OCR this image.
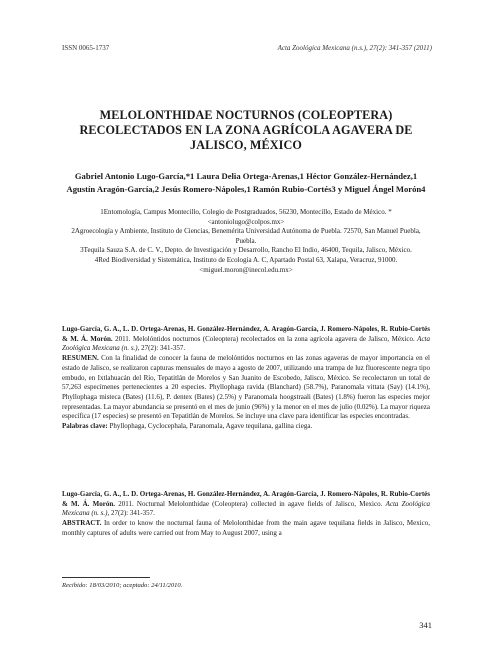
ISSN 0065-1737	Acta Zoológica Mexicana (n.s.), 27(2): 341-357 (2011)
MELOLONTHIDAE NOCTURNOS (COLEOPTERA) RECOLECTADOS EN LA ZONA AGRÍCOLA AGAVERA DE JALISCO, MÉXICO
Gabriel Antonio Lugo-García,*1 Laura Delia Ortega-Arenas,1 Héctor González-Hernández,1 Agustín Aragón-García,2 Jesús Romero-Nápoles,1 Ramón Rubio-Cortés3 y Miguel Ángel Morón4

1Entomología, Campus Montecillo, Colegio de Postgraduados, 56230, Montecillo, Estado de México. * <antoniolugo@colpos.mx>

2Agroecología y Ambiente, Instituto de Ciencias, Benemérita Universidad Autónoma de Puebla. 72570, San Manuel Puebla, Puebla.

3Tequila Sauza S.A. de C. V., Depto. de Investigación y Desarrollo, Rancho El Indio, 46400, Tequila, Jalisco, México.

4Red Biodiversidad y Sistemática, Instituto de Ecología A. C, Apartado Postal 63, Xalapa, Veracruz, 91000. <miguel.moron@inecol.edu.mx>

Lugo-García, G. A., L. D. Ortega-Arenas, H. González-Hernández, A. Aragón-García, J. Romero-Nápoles, R. Rubio-Cortés & M. Á. Morón. 2011. Melolóntidos nocturnos (Coleoptera) recolectados en la zona agrícola agavera de Jalisco, México. Acta Zoológica Mexicana (n. s.), 27(2): 341-357.

RESUMEN. Con la finalidad de conocer la fauna de melolóntidos nocturnos en las zonas agaveras de mayor importancia en el estado de Jalisco, se realizaron capturas mensuales de mayo a agosto de 2007, utilizando una trampa de luz fluorescente negra tipo embudo, en Ixtlahuacán del Río, Tepatitlán de Morelos y San Juanito de Escobedo, Jalisco, México. Se recolectaron un total de 57,263 especímenes pertenecientes a 20 especies. Phyllophaga ravida (Blanchard) (58.7%), Paranomala vittata (Say) (14.1%), Phyllophaga misteca (Bates) (11.6), P. dentex (Bates) (2.5%) y Paranomala hoogstraali (Bates) (1.8%) fueron las especies mejor representadas. La mayor abundancia se presentó en el mes de junio (96%) y la menor en el mes de julio (0.02%). La mayor riqueza específica (17 especies) se presentó en Tepatitlán de Morelos. Se incluye una clave para identificar las especies encontradas.

Palabras clave: Phyllophaga, Cyclocephala, Paranomala, Agave tequilana, gallina ciega.

Lugo-García, G. A., L. D. Ortega-Arenas, H. González-Hernández, A. Aragón-García, J. Romero-Nápoles, R. Rubio-Cortés & M. Á. Morón. 2011. Nocturnal Melolonthidae (Coleoptera) collected in agave fields of Jalisco, Mexico. Acta Zoológica Mexicana (n. s.), 27(2): 341-357.

ABSTRACT. In order to know the nocturnal fauna of Melolonthidae from the main agave tequilana fields in Jalisco, Mexico, monthly captures of adults were carried out from May to August 2007, using a

Recibido: 18/03/2010; aceptado: 24/11/2010.
341
